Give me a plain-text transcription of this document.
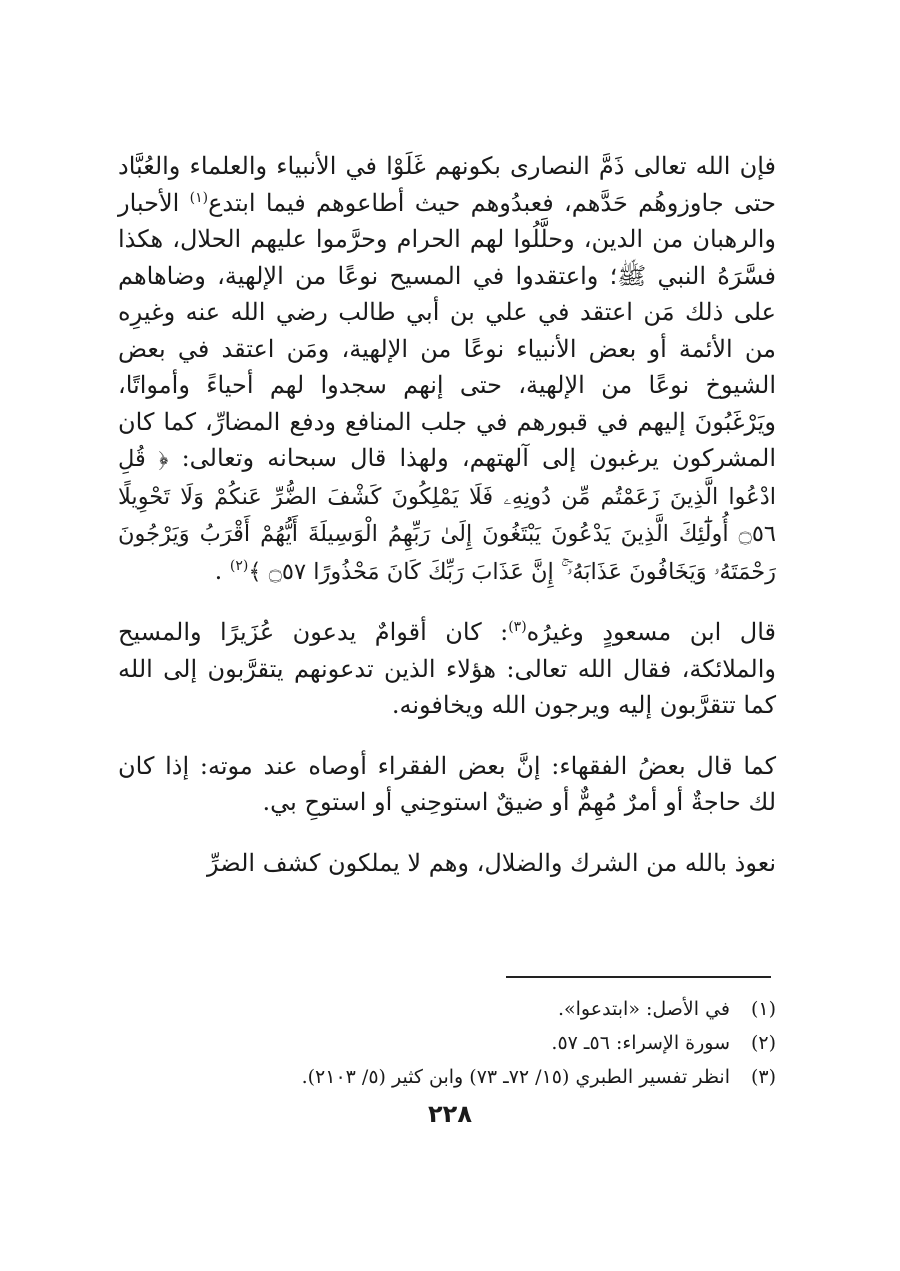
فإن الله تعالى ذَمَّ النصارى بكونهم غَلَوْا في الأنبياء والعلماء والعُبَّاد حتى جاوزوهُم حَدَّهم، فعبدُوهم حيث أطاعوهم فيما ابتدع$^{(١)}$ الأحبار والرهبان من الدين، وحلَّلُوا لهم الحرام وحرَّموا عليهم الحلال، هكذا فسَّرَهُ النبي ﷺ؛ واعتقدوا في المسيح نوعًا من الإلهية، وضاهاهم على ذلك مَن اعتقد في علي بن أبي طالب رضي الله عنه وغيرِه من الأئمة أو بعض الأنبياء نوعًا من الإلهية، ومَن اعتقد في بعض الشيوخ نوعًا من الإلهية، حتى إنهم سجدوا لهم أحياءً وأمواتًا، ويَرْغَبُونَ إليهم في قبورهم في جلب المنافع ودفع المضارِّ، كما كان المشركون يرغبون إلى آلهتهم، ولهذا قال سبحانه وتعالى: ﴿ قُلِ ادْعُوا الَّذِينَ زَعَمْتُم مِّن دُونِهِۦ فَلَا يَمْلِكُونَ كَشْفَ الضُّرِّ عَنكُمْ وَلَا تَحْوِيلًا ۝٥٦ أُولَٰٓئِكَ الَّذِينَ يَدْعُونَ يَبْتَغُونَ إِلَىٰ رَبِّهِمُ الْوَسِيلَةَ أَيُّهُمْ أَقْرَبُ وَيَرْجُونَ رَحْمَتَهُۥ وَيَخَافُونَ عَذَابَهُۥٓ ۚ إِنَّ عَذَابَ رَبِّكَ كَانَ مَحْذُورًا ۝٥٧ ﴾$^{(٢)}$ .

قال ابن مسعودٍ وغيرُه$^{(٣)}$: كان أقوامٌ يدعون عُزَيرًا والمسيح والملائكة، فقال الله تعالى: هؤلاء الذين تدعونهم يتقرَّبون إلى الله كما تتقرَّبون إليه ويرجون الله ويخافونه.

كما قال بعضُ الفقهاء: إنَّ بعض الفقراء أوصاه عند موته: إذا كان لك حاجةٌ أو أمرٌ مُهِمٌّ أو ضيقٌ استوحِني أو استوحِ بي.

نعوذ بالله من الشرك والضلال، وهم لا يملكون كشف الضرِّ

(١)
في الأصل: «ابتدعوا».
(٢)
سورة الإسراء: ٥٦ـ ٥٧.
(٣)
انظر تفسير الطبري (١٥/ ٧٢ـ ٧٣) وابن كثير (٥/ ٢١٠٣).
٢٢٨
